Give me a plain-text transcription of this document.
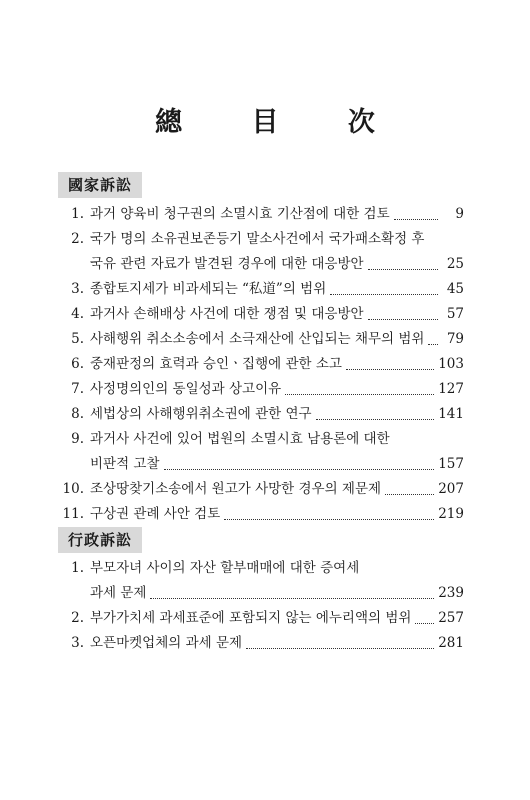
總 目 次
國家訴訟
1. 과거 양육비 청구권의 소멸시효 기산점에 대한 검토	9
2. 국가 명의 소유권보존등기 말소사건에서 국가패소확정 후
국유 관련 자료가 발견된 경우에 대한 대응방안	25
3. 종합토지세가 비과세되는 “私道”의 범위	45
4. 과거사 손해배상 사건에 대한 쟁점 및 대응방안	57
5. 사해행위 취소소송에서 소극재산에 산입되는 채무의 범위	79
6. 중재판정의 효력과 승인ㆍ집행에 관한 소고	103
7. 사정명의인의 동일성과 상고이유	127
8. 세법상의 사해행위취소권에 관한 연구	141
9. 과거사 사건에 있어 법원의 소멸시효 남용론에 대한
비판적 고찰	157
10. 조상땅찾기소송에서 원고가 사망한 경우의 제문제	207
11. 구상권 관례 사안 검토	219
行政訴訟
1. 부모자녀 사이의 자산 할부매매에 대한 증여세
과세 문제	239
2. 부가가치세 과세표준에 포함되지 않는 에누리액의 범위 257
3. 오픈마켓업체의 과세 문제	281
